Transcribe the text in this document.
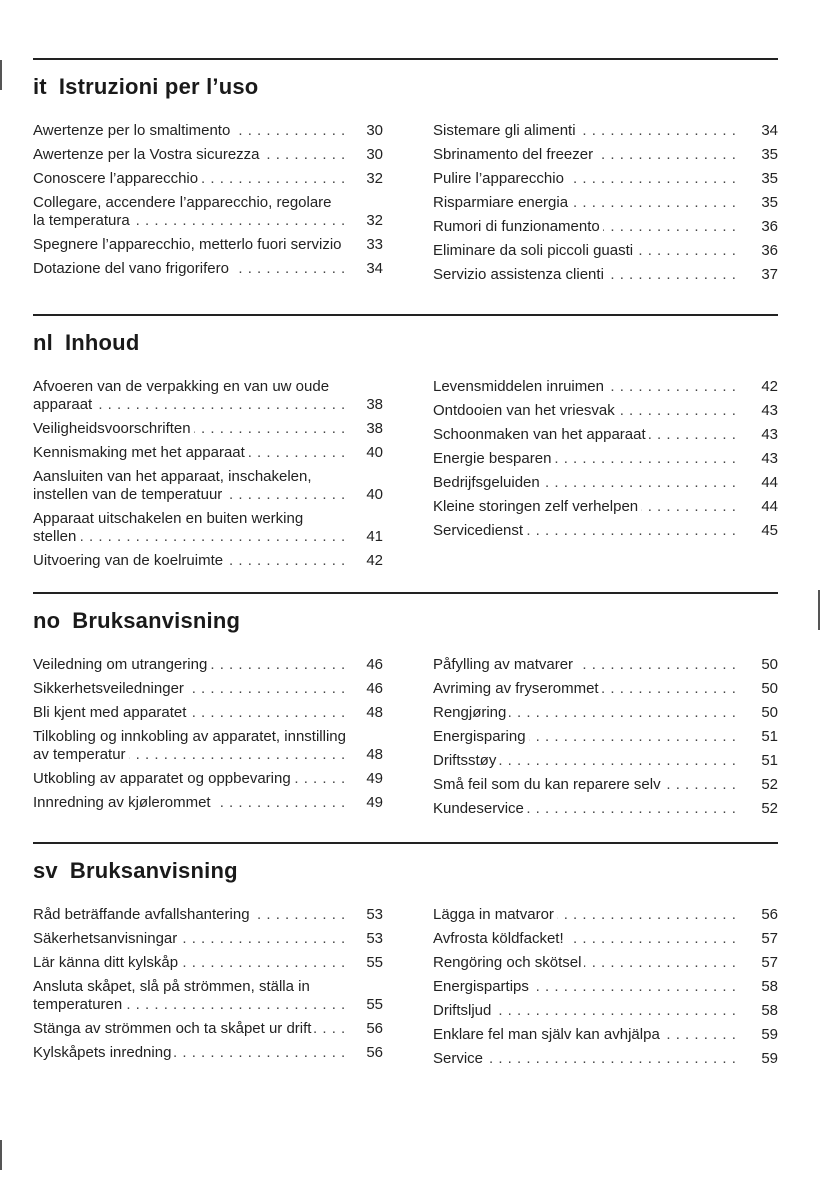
it Istruzioni per l’uso
Awertenze per lo smaltimento . . .	30
Awertenze per la Vostra sicurezza . . .	30
Conoscere l’apparecchio . . .	32
Collegare, accendere l’apparecchio, regolare la temperatura . . .	32
Spegnere l’apparecchio, metterlo fuori servizio . . .	33
Dotazione del vano frigorifero . . .	34
Sistemare gli alimenti . . .	34
Sbrinamento del freezer . . .	35
Pulire l’apparecchio . . .	35
Risparmiare energia . . .	35
Rumori di funzionamento . . .	36
Eliminare da soli piccoli guasti . . .	36
Servizio assistenza clienti . . .	37
nl Inhoud
Afvoeren van de verpakking en van uw oude apparaat . . .	38
Veiligheidsvoorschriften . . .	38
Kennismaking met het apparaat . . .	40
Aansluiten van het apparaat, inschakelen, instellen van de temperatuur . . .	40
Apparaat uitschakelen en buiten werking stellen . . .	41
Uitvoering van de koelruimte . . .	42
Levensmiddelen inruimen . . .	42
Ontdooien van het vriesvak . . .	43
Schoonmaken van het apparaat . . .	43
Energie besparen . . .	43
Bedrijfsgeluiden . . .	44
Kleine storingen zelf verhelpen . . .	44
Servicedienst . . .	45
no Bruksanvisning
Veiledning om utrangering . . .	46
Sikkerhetsveiledninger . . .	46
Bli kjent med apparatet . . .	48
Tilkobling og innkobling av apparatet, innstilling av temperatur . . .	48
Utkobling av apparatet og oppbevaring . . .	49
Innredning av kjølerommet . . .	49
Påfylling av matvarer . . .	50
Avriming av fryserommet . . .	50
Rengjøring . . .	50
Energisparing . . .	51
Driftsstøy . . .	51
Små feil som du kan reparere selv . . .	52
Kundeservice . . .	52
sv Bruksanvisning
Råd beträffande avfallshantering . . .	53
Säkerhetsanvisningar . . .	53
Lär känna ditt kylskåp . . .	55
Ansluta skåpet, slå på strömmen, ställa in temperaturen . . .	55
Stänga av strömmen och ta skåpet ur drift . . .	56
Kylskåpets inredning . . .	56
Lägga in matvaror . . .	56
Avfrosta köldfacket! . . .	57
Rengöring och skötsel . . .	57
Energispartips . . .	58
Driftsljud . . .	58
Enklare fel man själv kan avhjälpa . . .	59
Service . . .	59
